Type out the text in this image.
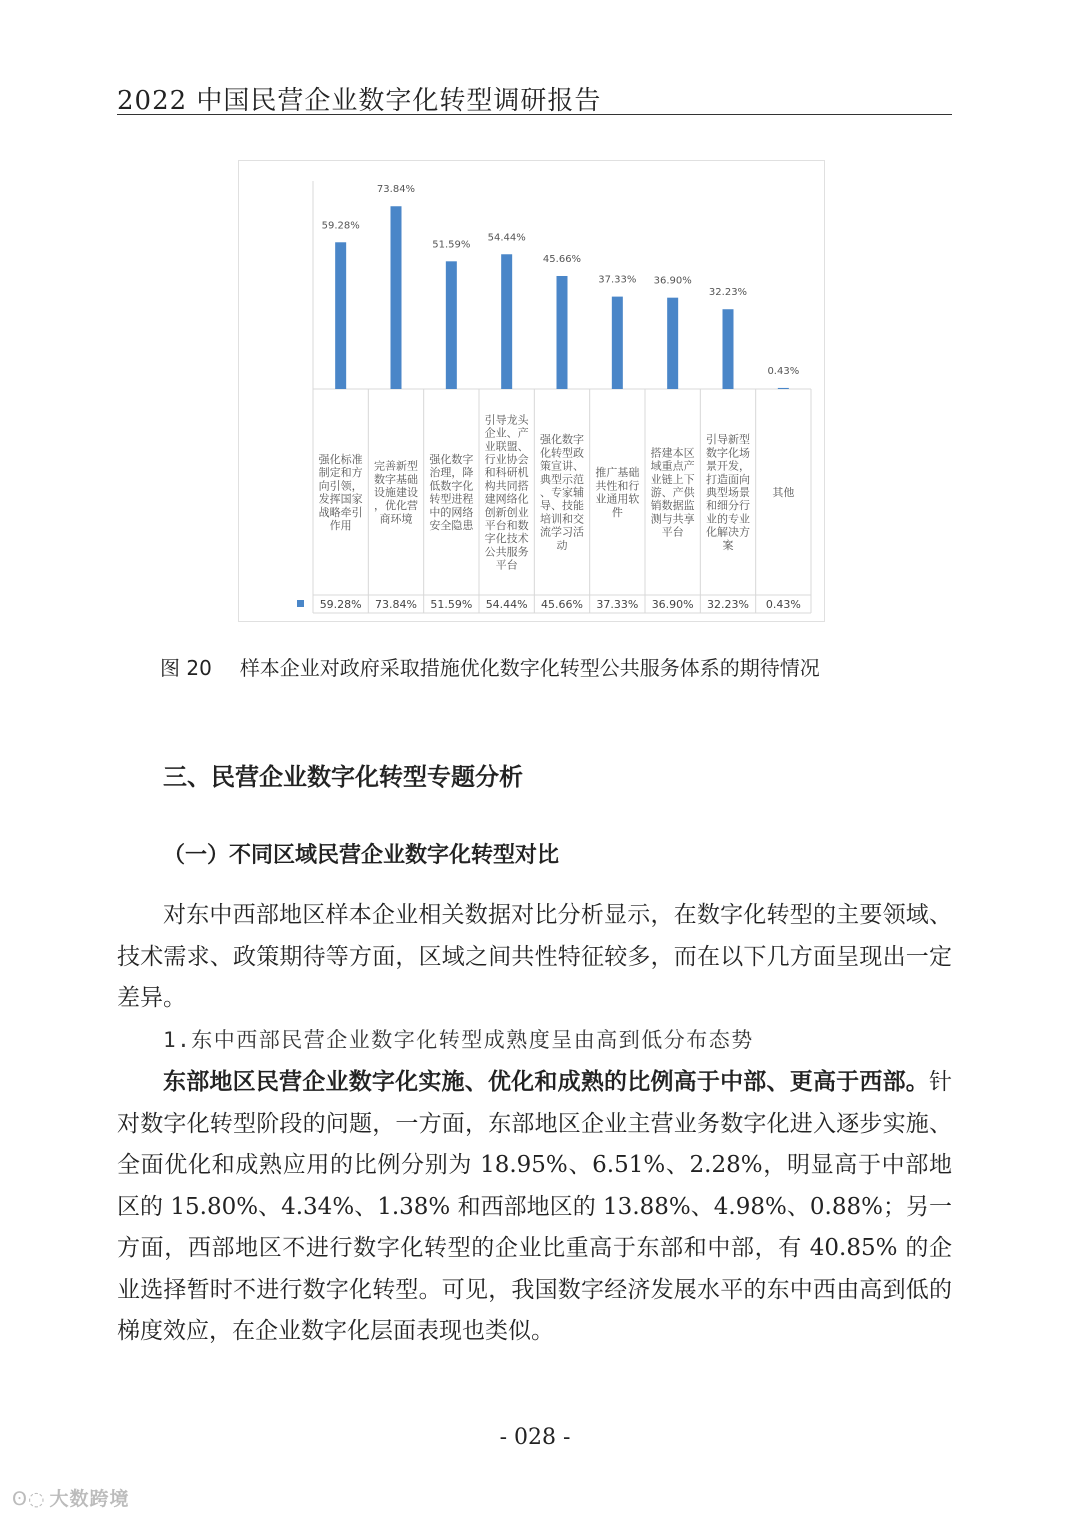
2022 中国民营企业数字化转型调研报告
59.28%
强化标准
制定和方
向引领，
发挥国家
战略牵引
作用
59.28%
73.84%
完善新型
数字基础
设施建设
，优化营
商环境
73.84%
51.59%
强化数字
治理，降
低数字化
转型进程
中的网络
安全隐患
51.59%
54.44%
引导龙头
企业、产
业联盟、
行业协会
和科研机
构共同搭
建网络化
创新创业
平台和数
字化技术
公共服务
平台
54.44%
45.66%
强化数字
化转型政
策宣讲、
典型示范
、专家辅
导、技能
培训和交
流学习活
动
45.66%
37.33%
推广基础
共性和行
业通用软
件
37.33%
36.90%
搭建本区
域重点产
业链上下
游、产供
销数据监
测与共享
平台
36.90%
32.23%
引导新型
数字化场
景开发，
打造面向
典型场景
和细分行
业的专业
化解决方
案
32.23%
0.43%
其他
0.43%
图 20 样本企业对政府采取措施优化数字化转型公共服务体系的期待情况
三、民营企业数字化转型专题分析
（一）不同区域民营企业数字化转型对比

对东中西部地区样本企业相关数据对比分析显示，在数字化转型的主要领域、技术需求、政策期待等方面，区域之间共性特征较多，而在以下几方面呈现出一定差异。

1.东中西部民营企业数字化转型成熟度呈由高到低分布态势

东部地区民营企业数字化实施、优化和成熟的比例高于中部、更高于西部。针对数字化转型阶段的问题，一方面，东部地区企业主营业务数字化进入逐步实施、全面优化和成熟应用的比例分别为 18.95%、6.51%、2.28%，明显高于中部地区的 15.80%、4.34%、1.38% 和西部地区的 13.88%、4.98%、0.88%；另一方面，西部地区不进行数字化转型的企业比重高于东部和中部，有 40.85% 的企业选择暂时不进行数字化转型。可见，我国数字经济发展水平的东中西由高到低的梯度效应，在企业数字化层面表现也类似。

- 028 -
ʘ◌ 大数跨境
